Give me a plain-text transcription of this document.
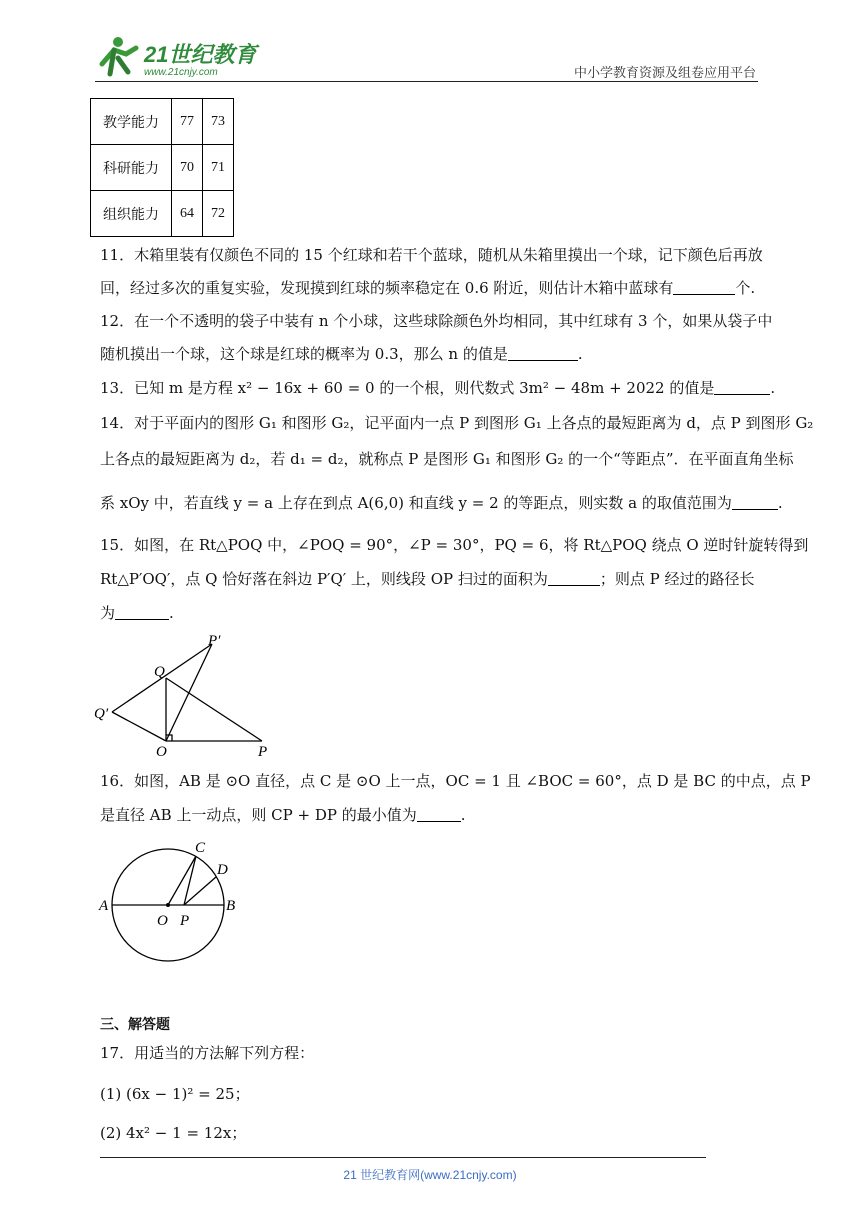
21世纪教育
www.21cnjy.com	中小学教育资源及组卷应用平台
教学能力	77	73
科研能力	70	71
组织能力	64	72
11．木箱里装有仅颜色不同的 15 个红球和若干个蓝球，随机从朱箱里摸出一个球，记下颜色后再放
回，经过多次的重复实验，发现摸到红球的频率稳定在 0.6 附近，则估计木箱中蓝球有	个.
12．在一个不透明的袋子中装有 n 个小球，这些球除颜色外均相同，其中红球有 3 个，如果从袋子中
随机摸出一个球，这个球是红球的概率为 0.3，那么 n 的值是	.
13．已知 m 是方程 x² − 16x + 60 = 0 的一个根，则代数式 3m² − 48m + 2022 的值是	.
14．对于平面内的图形 G₁ 和图形 G₂，记平面内一点 P 到图形 G₁ 上各点的最短距离为 d，点 P 到图形 G₂
上各点的最短距离为 d₂，若 d₁ = d₂，就称点 P 是图形 G₁ 和图形 G₂ 的一个“等距点”．在平面直角坐标
系 xOy 中，若直线 y = a 上存在到点 A(6,0) 和直线 y = 2 的等距点，则实数 a 的取值范围为	.
15．如图，在 Rt△POQ 中，∠POQ = 90°，∠P = 30°，PQ = 6，将 Rt△POQ 绕点 O 逆时针旋转得到
Rt△P′OQ′，点 Q 恰好落在斜边 P′Q′ 上，则线段 OP 扫过的面积为	；则点 P 经过的路径长
为	.
P′
Q
Q′
O	P
16．如图，AB 是 ⊙O 直径，点 C 是 ⊙O 上一点，OC = 1 且 ∠BOC = 60°，点 D 是 BC 的中点，点 P
是直径 AB 上一动点，则 CP + DP 的最小值为	.
A	B
C
D
O P
三、解答题
17．用适当的方法解下列方程：
(1) (6x − 1)² = 25；
(2) 4x² − 1 = 12x；
21 世纪教育网(www.21cnjy.com)
